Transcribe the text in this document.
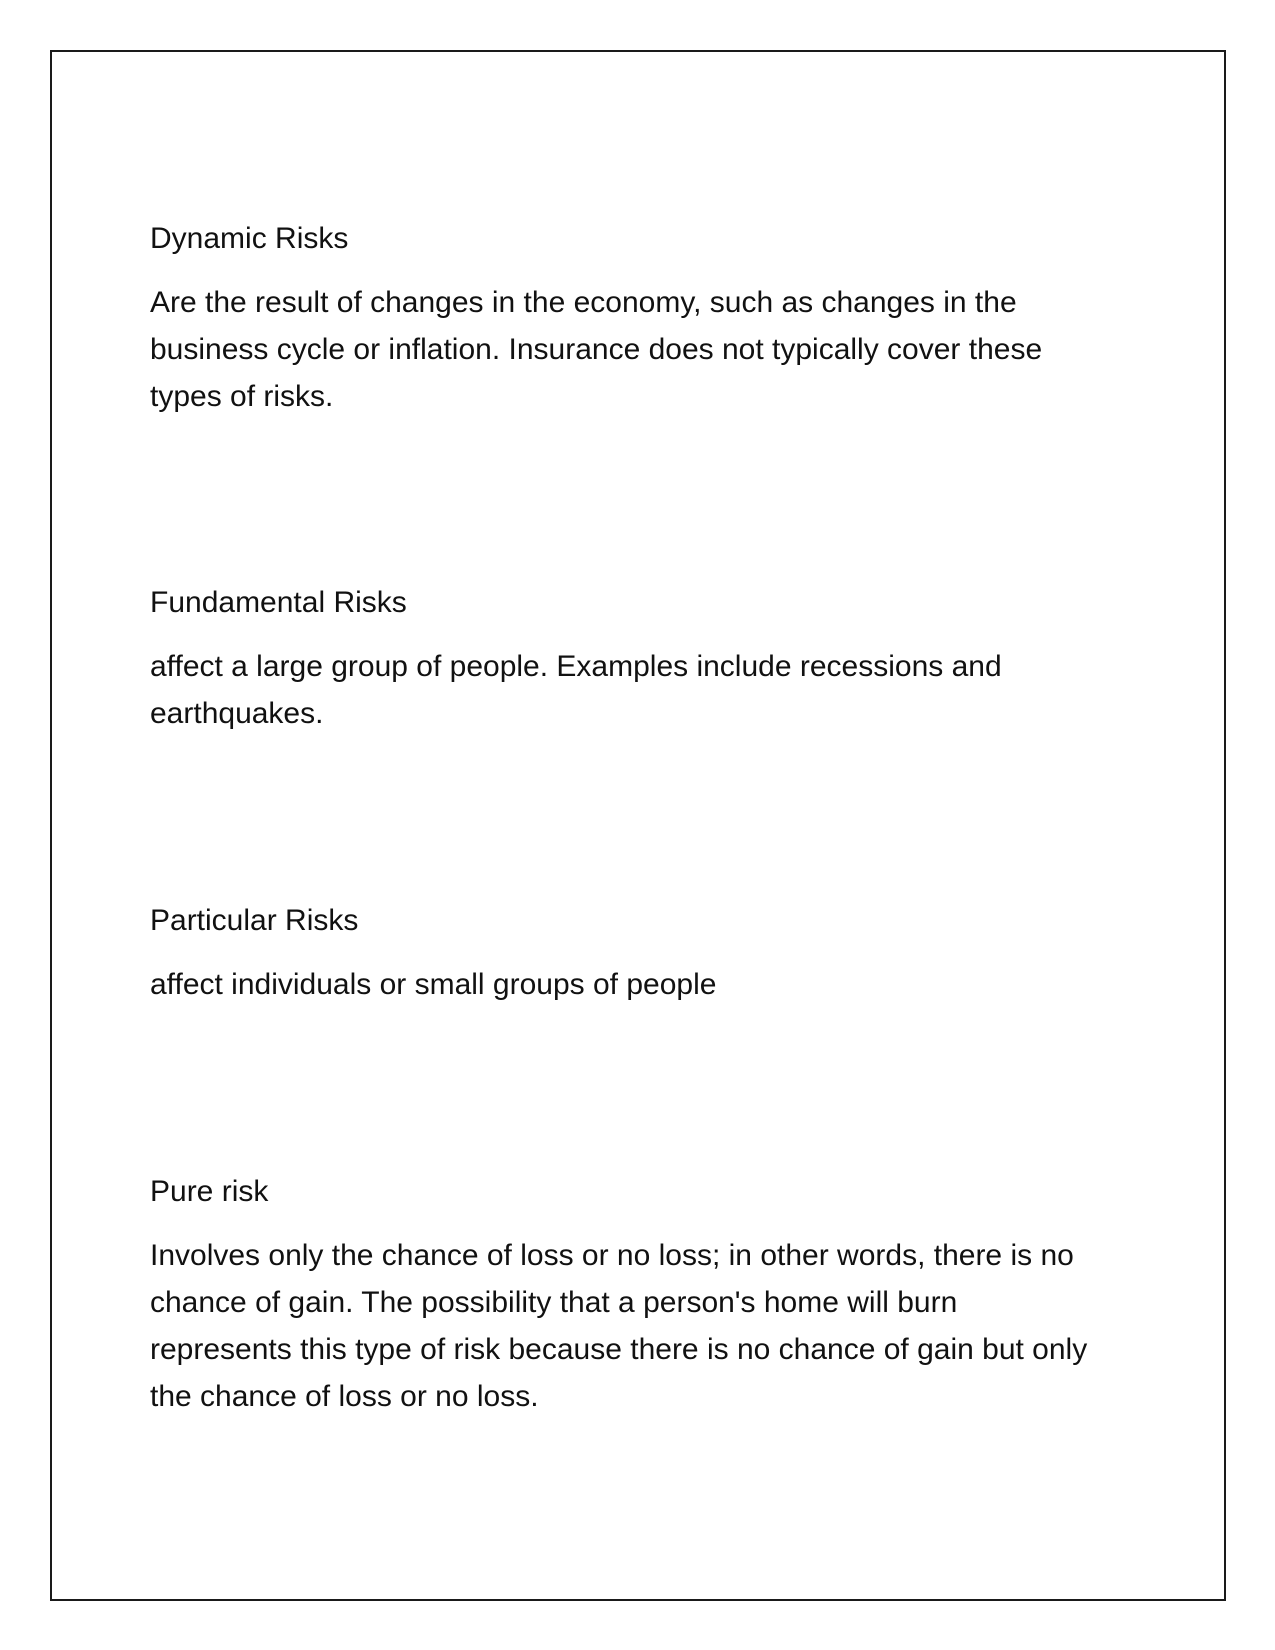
Dynamic Risks

Are the result of changes in the economy, such as changes in the
business cycle or inflation. Insurance does not typically cover these
types of risks.

Fundamental Risks

affect a large group of people. Examples include recessions and
earthquakes.

Particular Risks

affect individuals or small groups of people

Pure risk

Involves only the chance of loss or no loss; in other words, there is no
chance of gain. The possibility that a person's home will burn
represents this type of risk because there is no chance of gain but only
the chance of loss or no loss.
